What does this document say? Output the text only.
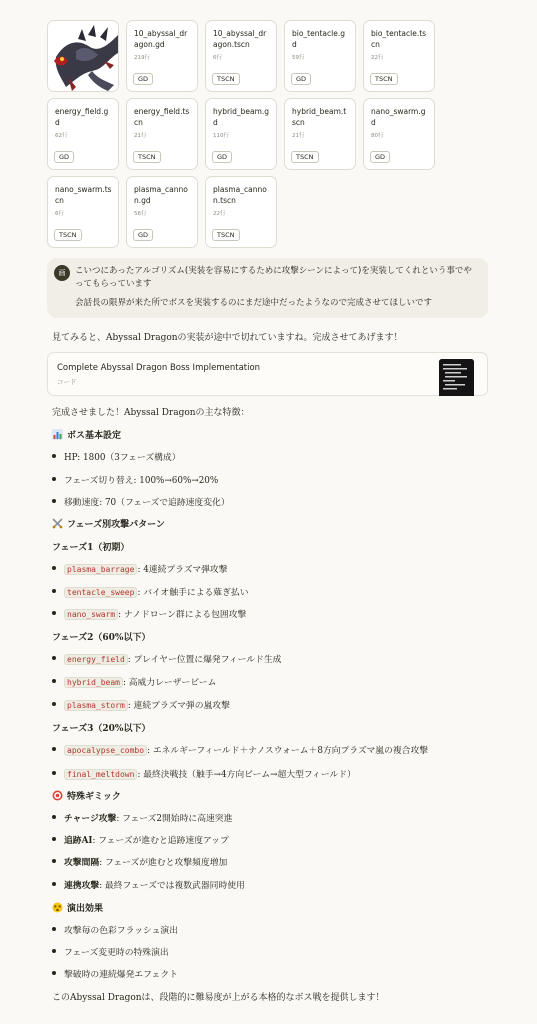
10_abyssal_dragon.gd
219行
GD
10_abyssal_dragon.tscn
6行
TSCN
bio_tentacle.gd
59行
GD
bio_tentacle.tscn
22行
TSCN
energy_field.gd
62行
GD
energy_field.tscn
21行
TSCN
hybrid_beam.gd
110行
GD
hybrid_beam.tscn
21行
TSCN
nano_swarm.gd
80行
GD
nano_swarm.tscn
6行
TSCN
plasma_cannon.gd
56行
GD
plasma_cannon.tscn
22行
TSCN
画	こいつにあったアルゴリズム(実装を容易にするために攻撃シーンによって)を実装してくれという事でやってもらっています

会話長の限界が来た所でボスを実装するのにまだ途中だったようなので完成させてほしいです

見てみると、Abyssal Dragonの実装が途中で切れていますね。完成させてあげます！
Complete Abyssal Dragon Boss Implementation
コード
完成させました！Abyssal Dragonの主な特徴：
ボス基本設定
HP: 1800（3フェーズ構成）
フェーズ切り替え: 100%→60%→20%
移動速度: 70（フェーズで追跡速度変化）
フェーズ別攻撃パターン
フェーズ1（初期）
plasma_barrage : 4連続プラズマ弾攻撃
tentacle_sweep : バイオ触手による薙ぎ払い
nano_swarm : ナノドローン群による包囲攻撃
フェーズ2（60%以下）
energy_field : プレイヤー位置に爆発フィールド生成
hybrid_beam : 高威力レーザービーム
plasma_storm : 連続プラズマ弾の嵐攻撃
フェーズ3（20%以下）
apocalypse_combo : エネルギーフィールド＋ナノスウォーム＋8方向プラズマ嵐の複合攻撃
final_meltdown : 最終決戦技（触手→4方向ビーム→超大型フィールド）
特殊ギミック
チャージ攻撃: フェーズ2開始時に高速突進
追跡AI: フェーズが進むと追跡速度アップ
攻撃間隔: フェーズが進むと攻撃頻度増加
連携攻撃: 最終フェーズでは複数武器同時使用
演出効果
攻撃毎の色彩フラッシュ演出
フェーズ変更時の特殊演出
撃破時の連続爆発エフェクト
このAbyssal Dragonは、段階的に難易度が上がる本格的なボス戦を提供します！
